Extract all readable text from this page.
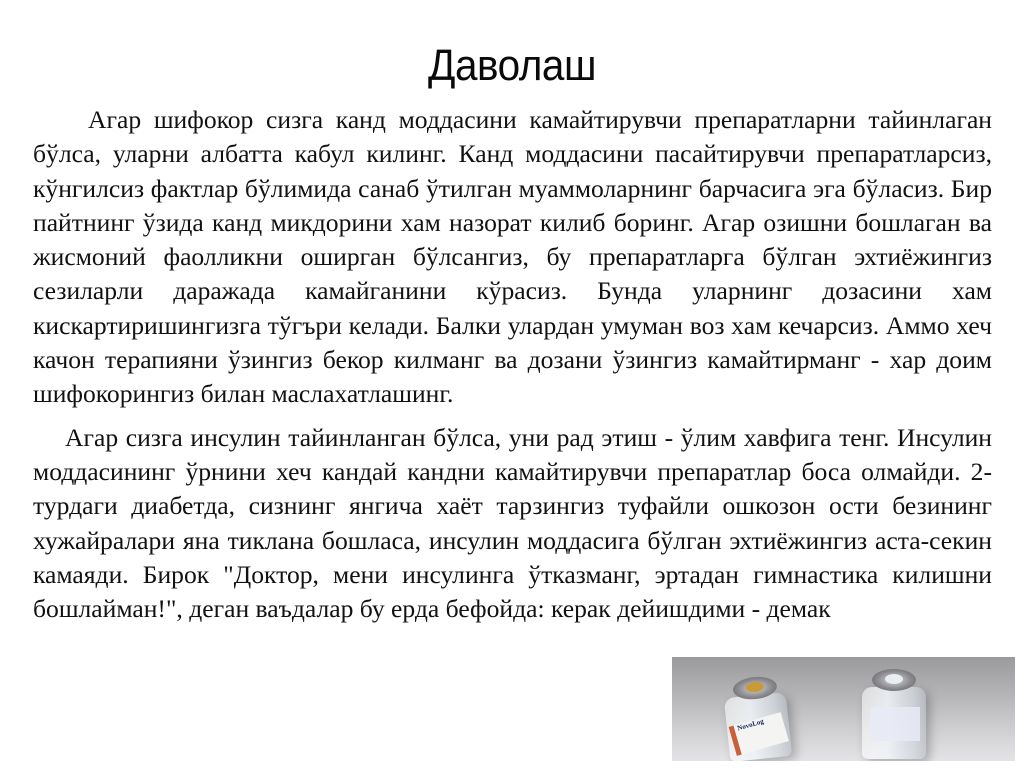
Даволаш

Агар шифокор сизга канд моддасини камайтирувчи препаратларни тайинлаган бўлса, уларни албатта кабул килинг. Канд моддасини пасайтирувчи препаратларсиз, кўнгилсиз фактлар бўлимида санаб ўтилган муаммоларнинг барчасига эга бўласиз. Бир пайтнинг ўзида канд микдорини хам назорат килиб боринг. Агар озишни бошлаган ва жисмоний фаолликни оширган бўлсангиз, бу препаратларга бўлган эхтиёжингиз сезиларли даражада камайганини кўрасиз. Бунда уларнинг дозасини хам кискартиришингизга тўгъри келади. Балки улардан умуман воз хам кечарсиз. Аммо хеч качон терапияни ўзингиз бекор килманг ва дозани ўзингиз камайтирманг - хар доим шифокорингиз билан маслахатлашинг.

Агар сизга инсулин тайинланган бўлса, уни рад этиш - ўлим хавфига тенг. Инсулин моддасининг ўрнини хеч кандай кандни камайтирувчи препаратлар боса олмайди. 2-турдаги диабетда, сизнинг янгича хаёт тарзингиз туфайли ошкозон ости безининг хужайралари яна тиклана бошласа, инсулин моддасига бўлган эхтиёжингиз аста-секин камаяди. Бирок "Доктор, мени инсулинга ўтказманг, эртадан гимнастика килишни бошлайман!", деган ваъдалар бу ерда бефойда: керак дейишдими - демак

NovoLog
